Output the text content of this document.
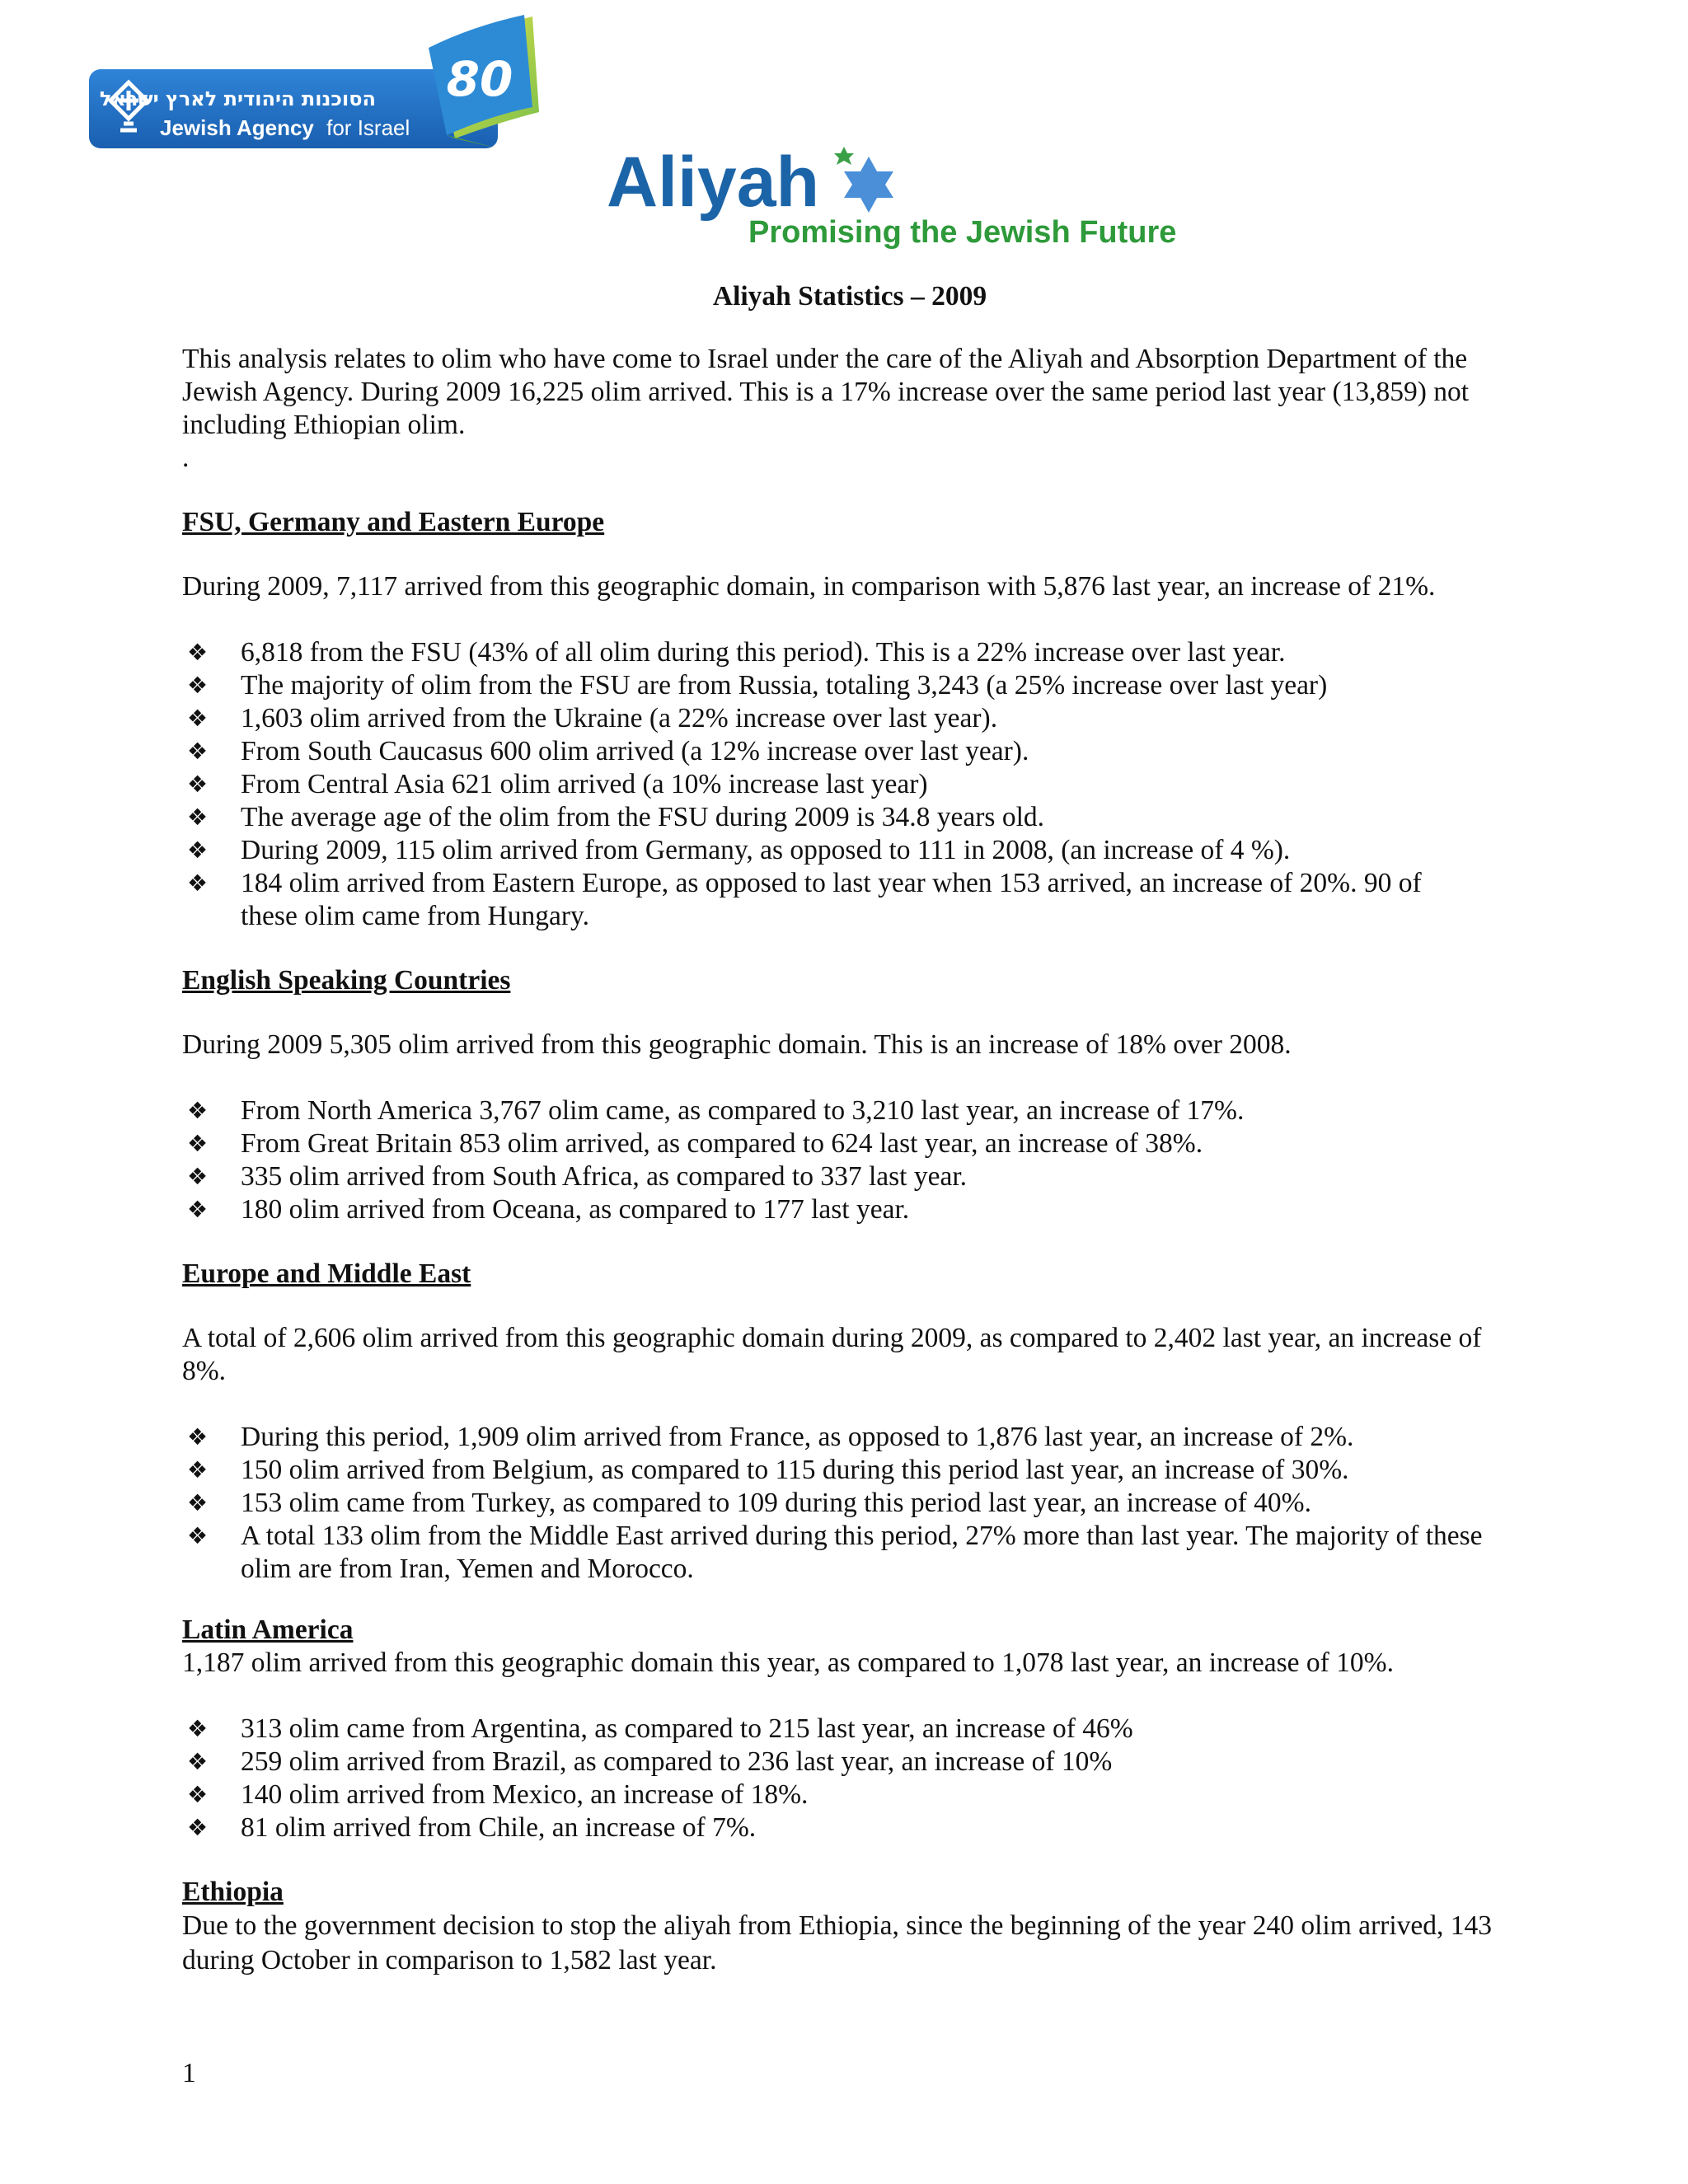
הסוכנות היהודית לארץ ישראל
Jewish Agency for Israel
80
Aliyah
Promising the Jewish Future

Aliyah Statistics – 2009

This analysis relates to olim who have come to Israel under the care of the Aliyah and Absorption Department of the Jewish Agency. During 2009 16,225 olim arrived. This is a 17% increase over the same period last year (13,859) not including Ethiopian olim.

.

FSU, Germany and Eastern Europe

During 2009, 7,117 arrived from this geographic domain, in comparison with 5,876 last year, an increase of 21%.

❖	6,818 from the FSU (43% of all olim during this period). This is a 22% increase over last year.
❖	The majority of olim from the FSU are from Russia, totaling 3,243 (a 25% increase over last year)
❖	1,603 olim arrived from the Ukraine (a 22% increase over last year).
❖	From South Caucasus 600 olim arrived (a 12% increase over last year).
❖	From Central Asia 621 olim arrived (a 10% increase last year)
❖	The average age of the olim from the FSU during 2009 is 34.8 years old.
❖	During 2009, 115 olim arrived from Germany, as opposed to 111 in 2008, (an increase of 4 %).
❖	184 olim arrived from Eastern Europe, as opposed to last year when 153 arrived, an increase of 20%. 90 of these olim came from Hungary.

English Speaking Countries

During 2009 5,305 olim arrived from this geographic domain. This is an increase of 18% over 2008.

❖	From North America 3,767 olim came, as compared to 3,210 last year, an increase of 17%.
❖	From Great Britain 853 olim arrived, as compared to 624 last year, an increase of 38%.
❖	335 olim arrived from South Africa, as compared to 337 last year.
❖	180 olim arrived from Oceana, as compared to 177 last year.

Europe and Middle East

A total of 2,606 olim arrived from this geographic domain during 2009, as compared to 2,402 last year, an increase of 8%.

❖	During this period, 1,909 olim arrived from France, as opposed to 1,876 last year, an increase of 2%.
❖	150 olim arrived from Belgium, as compared to 115 during this period last year, an increase of 30%.
❖	153 olim came from Turkey, as compared to 109 during this period last year, an increase of 40%.
❖	A total 133 olim from the Middle East arrived during this period, 27% more than last year. The majority of these olim are from Iran, Yemen and Morocco.

Latin America

1,187 olim arrived from this geographic domain this year, as compared to 1,078 last year, an increase of 10%.

❖	313 olim came from Argentina, as compared to 215 last year, an increase of 46%
❖	259 olim arrived from Brazil, as compared to 236 last year, an increase of 10%
❖	140 olim arrived from Mexico, an increase of 18%.
❖	81 olim arrived from Chile, an increase of 7%.

Ethiopia

Due to the government decision to stop the aliyah from Ethiopia, since the beginning of the year 240 olim arrived, 143 during October in comparison to 1,582 last year.

1
